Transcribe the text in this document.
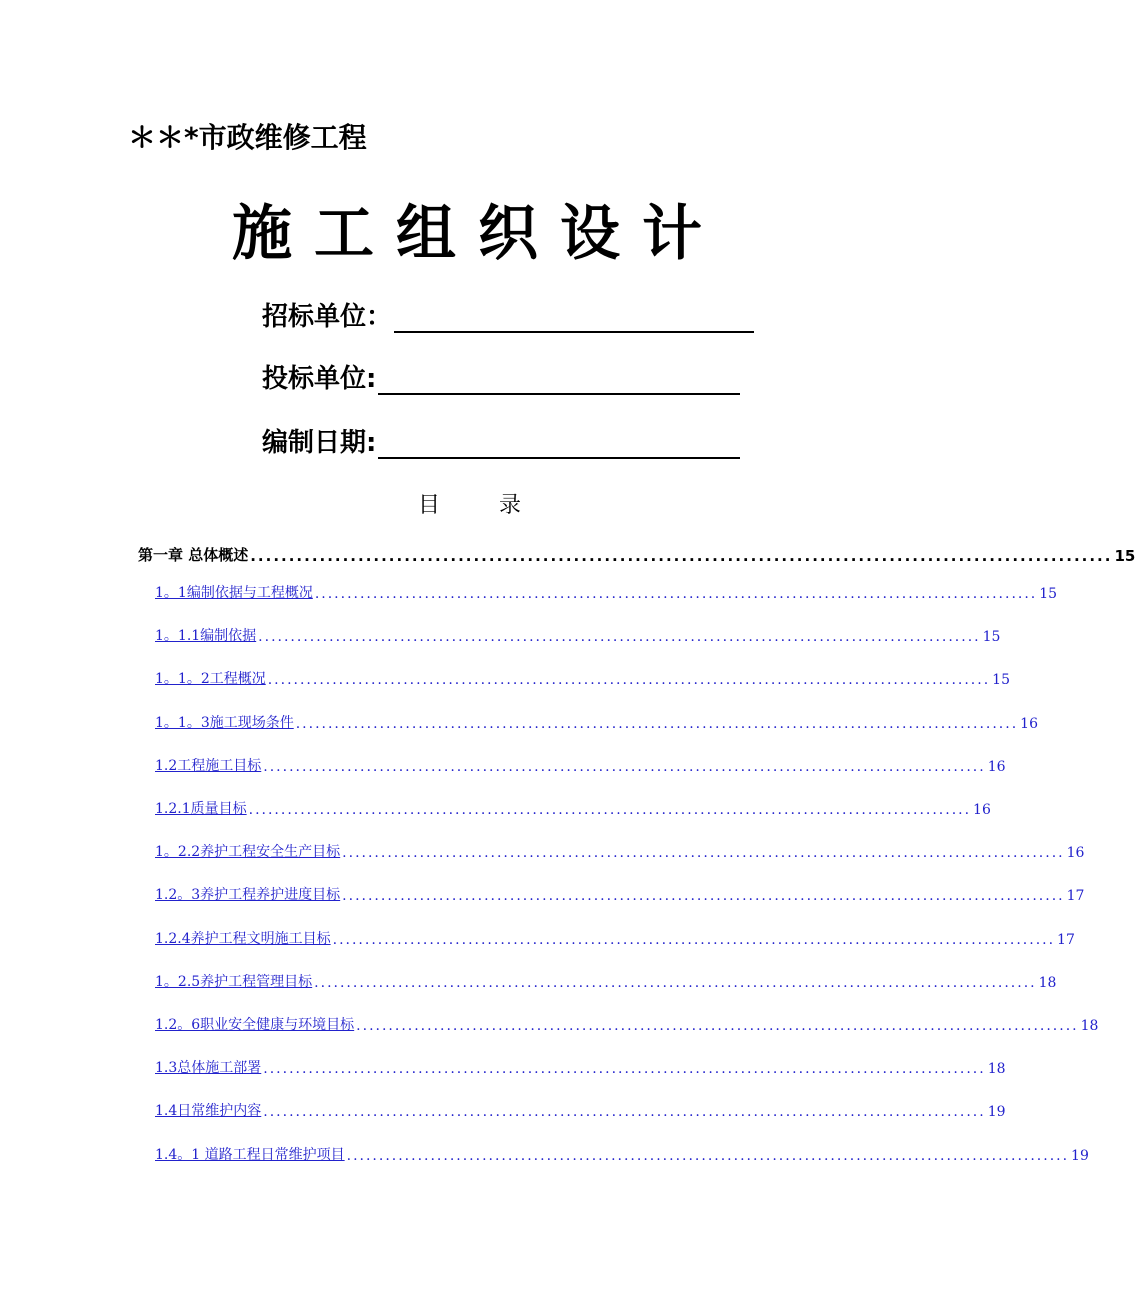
＊＊*市政维修工程
施工组织设计
招标单位：
投标单位:
编制日期:
目 录
第一章 总体概述 ................................................................................................................ 15
1。1编制依据与工程概况 ................................................................................................................ 15
1。1.1编制依据 ................................................................................................................ 15
1。1。2工程概况 ................................................................................................................ 15
1。1。3施工现场条件 ................................................................................................................ 16
1.2工程施工目标 ................................................................................................................ 16
1.2.1质量目标 ................................................................................................................ 16
1。2.2养护工程安全生产目标 ................................................................................................................ 16
1.2。3养护工程养护进度目标 ................................................................................................................ 17
1.2.4养护工程文明施工目标 ................................................................................................................ 17
1。2.5养护工程管理目标 ................................................................................................................ 18
1.2。6职业安全健康与环境目标 ................................................................................................................ 18
1.3总体施工部署 ................................................................................................................ 18
1.4日常维护内容 ................................................................................................................ 19
1.4。1 道路工程日常维护项目 ................................................................................................................ 19
